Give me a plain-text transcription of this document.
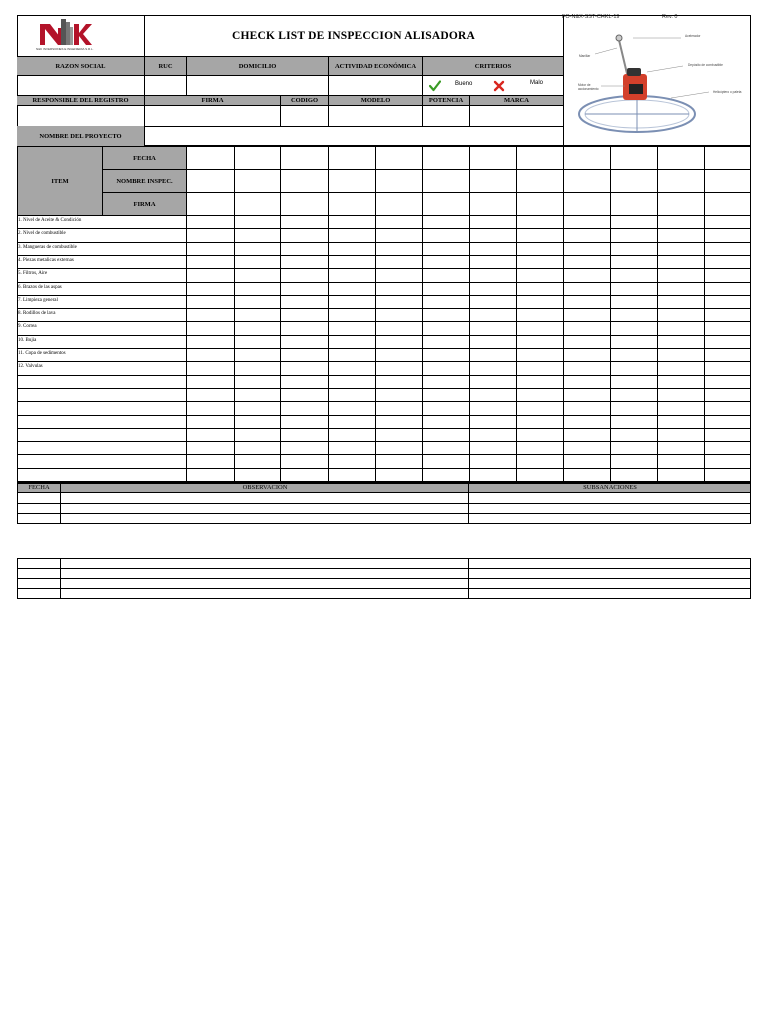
FO-N&X-SST-CHKL-19	Rev. 0
N&K INVERSIONES E INGENIERIA S.R.L.
CHECK LIST DE INSPECCION ALISADORA
RAZON SOCIAL	RUC	DOMICILIO	ACTIVIDAD ECONÓMICA	CRITERIOS
Bueno	Malo
RESPONSIBLE DEL REGISTRO	FIRMA	CODIGO	MODELO	POTENCIA	MARCA
NOMBRE DEL PROYECTO
Acelerador
Manillar
Depósito de combustible
Motor de accionamiento
Helicóptero o paleta
ITEM
FECHA
NOMBRE INSPEC.
FIRMA
1. Nivel de Aceite & Condición
2. Nivel de combustible
3. Mangueras de combustible
4. Piezas metalicas externas
5. Filtros, Aire
6. Brazos de las aspas
7. Limpieza general
8. Rodillos de lava
9. Correa
10. Bujia
11. Copa de sedimentos
12. Valvulas
FECHA	OBSERVACION	SUBSANACIONES
